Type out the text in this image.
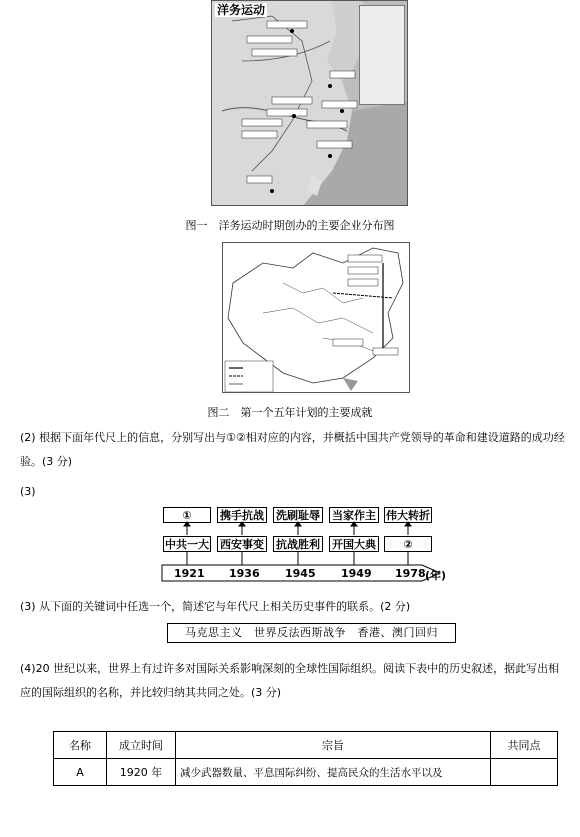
洋务运动
图一　洋务运动时期创办的主要企业分布图
图二　第一个五年计划的主要成就
(2) 根据下面年代尺上的信息，分别写出与①②相对应的内容，并概括中国共产党领导的革命和建设道路的成功经验。(3 分)
(3)
①	携手抗战 洗刷耻辱 当家作主 伟大转折
中共一大 西安事变 抗战胜利 开国大典	②
1921 1936 1945 1949 1978 (年)
(3) 从下面的关键词中任选一个，简述它与年代尺上相关历史事件的联系。(2 分)
马克思主义　世界反法西斯战争　香港、澳门回归
(4)20 世纪以来，世界上有过许多对国际关系影响深刻的全球性国际组织。阅读下表中的历史叙述，据此写出相应的国际组织的名称，并比较归纳其共同之处。(3 分)
名称	成立时间	宗旨	共同点
A	1920 年	减少武器数量、平息国际纠纷、提高民众的生活水平以及	
